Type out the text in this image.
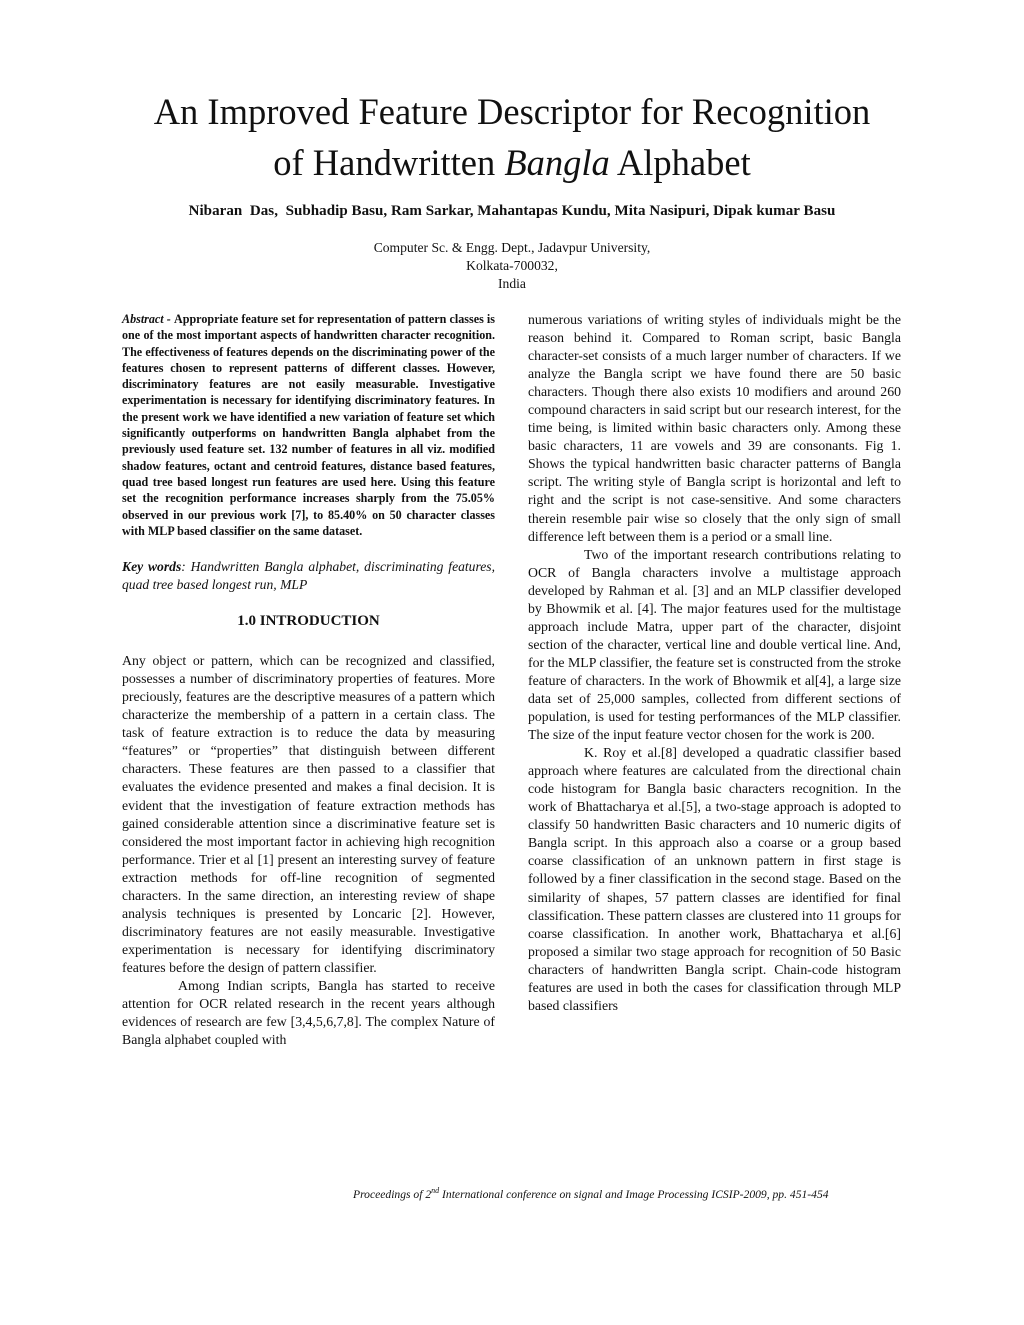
An Improved Feature Descriptor for Recognition
of Handwritten Bangla Alphabet
Nibaran  Das,  Subhadip Basu, Ram Sarkar, Mahantapas Kundu, Mita Nasipuri, Dipak kumar Basu
Computer Sc. & Engg. Dept., Jadavpur University,
Kolkata-700032,
India

Abstract - Appropriate feature set for representation of pattern classes is one of the most important aspects of handwritten character recognition. The effectiveness of features depends on the discriminating power of the features chosen to represent patterns of different classes. However, discriminatory features are not easily measurable. Investigative experimentation is necessary for identifying discriminatory features. In the present work we have identified a new variation of feature set which significantly outperforms on handwritten Bangla alphabet from the previously used feature set. 132 number of features in all viz. modified shadow features, octant and centroid features, distance based features, quad tree based longest run features are used here. Using this feature set the recognition performance increases sharply from the 75.05% observed in our previous work [7], to 85.40% on 50 character classes with MLP based classifier on the same dataset.

Key words: Handwritten Bangla alphabet, discriminating features, quad tree based longest run, MLP

1.0 INTRODUCTION

Any object or pattern, which can be recognized and classified, possesses a number of discriminatory properties of features. More preciously, features are the descriptive measures of a pattern which characterize the membership of a pattern in a certain class. The task of feature extraction is to reduce the data by measuring “features” or “properties” that distinguish between different characters. These features are then passed to a classifier that evaluates the evidence presented and makes a final decision. It is evident that the investigation of feature extraction methods has gained considerable attention since a discriminative feature set is considered the most important factor in achieving high recognition performance. Trier et al [1] present an interesting survey of feature extraction methods for off-line recognition of segmented characters. In the same direction, an interesting review of shape analysis techniques is presented by Loncaric [2]. However, discriminatory features are not easily measurable. Investigative experimentation is necessary for identifying discriminatory features before the design of pattern classifier.

Among Indian scripts, Bangla has started to receive attention for OCR related research in the recent years although evidences of research are few [3,4,5,6,7,8]. The complex Nature of Bangla alphabet coupled with

numerous variations of writing styles of individuals might be the reason behind it. Compared to Roman script, basic Bangla character-set consists of a much larger number of characters. If we analyze the Bangla script we have found there are 50 basic characters. Though there also exists 10 modifiers and around 260 compound characters in said script but our research interest, for the time being, is limited within basic characters only. Among these basic characters, 11 are vowels and 39 are consonants. Fig 1. Shows the typical handwritten basic character patterns of Bangla script. The writing style of Bangla script is horizontal and left to right and the script is not case-sensitive. And some characters therein resemble pair wise so closely that the only sign of small difference left between them is a period or a small line.

Two of the important research contributions relating to OCR of Bangla characters involve a multistage approach developed by Rahman et al. [3] and an MLP classifier developed by Bhowmik et al. [4]. The major features used for the multistage approach include Matra, upper part of the character, disjoint section of the character, vertical line and double vertical line. And, for the MLP classifier, the feature set is constructed from the stroke feature of characters. In the work of Bhowmik et al[4], a large size data set of 25,000 samples, collected from different sections of population, is used for testing performances of the MLP classifier. The size of the input feature vector chosen for the work is 200.

K. Roy et al.[8] developed a quadratic classifier based approach where features are calculated from the directional chain code histogram for Bangla basic characters recognition. In the work of Bhattacharya et al.[5], a two-stage approach is adopted to classify 50 handwritten Basic characters and 10 numeric digits of Bangla script. In this approach also a coarse or a group based coarse classification of an unknown pattern in first stage is followed by a finer classification in the second stage. Based on the similarity of shapes, 57 pattern classes are identified for final classification. These pattern classes are clustered into 11 groups for coarse classification. In another work, Bhattacharya et al.[6] proposed a similar two stage approach for recognition of 50 Basic characters of handwritten Bangla script. Chain-code histogram features are used in both the cases for classification through MLP based classifiers

Proceedings of 2nd International conference on signal and Image Processing ICSIP-2009, pp. 451-454
